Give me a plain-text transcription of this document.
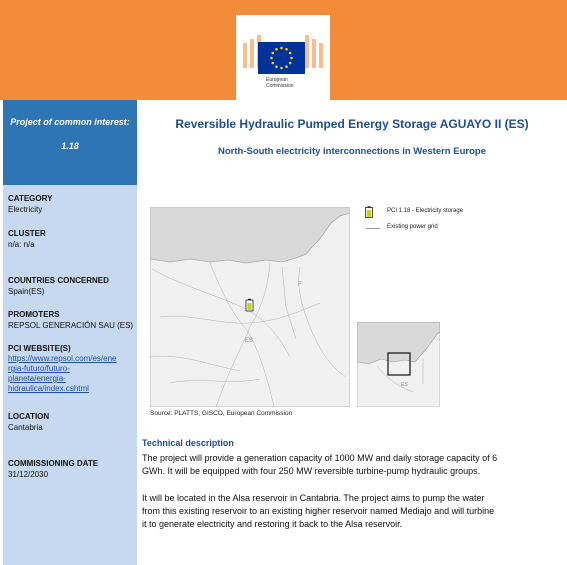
European
Commission
Project of common interest:
1.18
CATEGORY
Electricity
CLUSTER
n/a: n/a
COUNTRIES CONCERNED
Spain(ES)
PROMOTERS
REPSOL GENERACIÓN SAU (ES)
PCI WEBSITE(S)
https://www.repsol.com/es/ene
rgia-futuro/futuro-
planeta/energia-
hidraulica/index.cshtml
LOCATION
Cantabria
COMMISSIONING DATE
31/12/2030
Reversible Hydraulic Pumped Energy Storage AGUAYO II (ES)
North-South electricity interconnections in Western Europe
ES
F
PCI 1.18 - Electricity storage
Existing power grid
ES
Source: PLATTS, GISCO, European Commission
Technical description
The project will provide a generation capacity of 1000 MW and daily storage capacity of 6
GWh. It will be equipped with four 250 MW reversible turbine-pump hydraulic groups.
It will be located in the Alsa reservoir in Cantabria. The project aims to pump the water
from this existing reservoir to an existing higher reservoir named Mediajo and will turbine
it to generate electricity and restoring it back to the Alsa reservoir.
